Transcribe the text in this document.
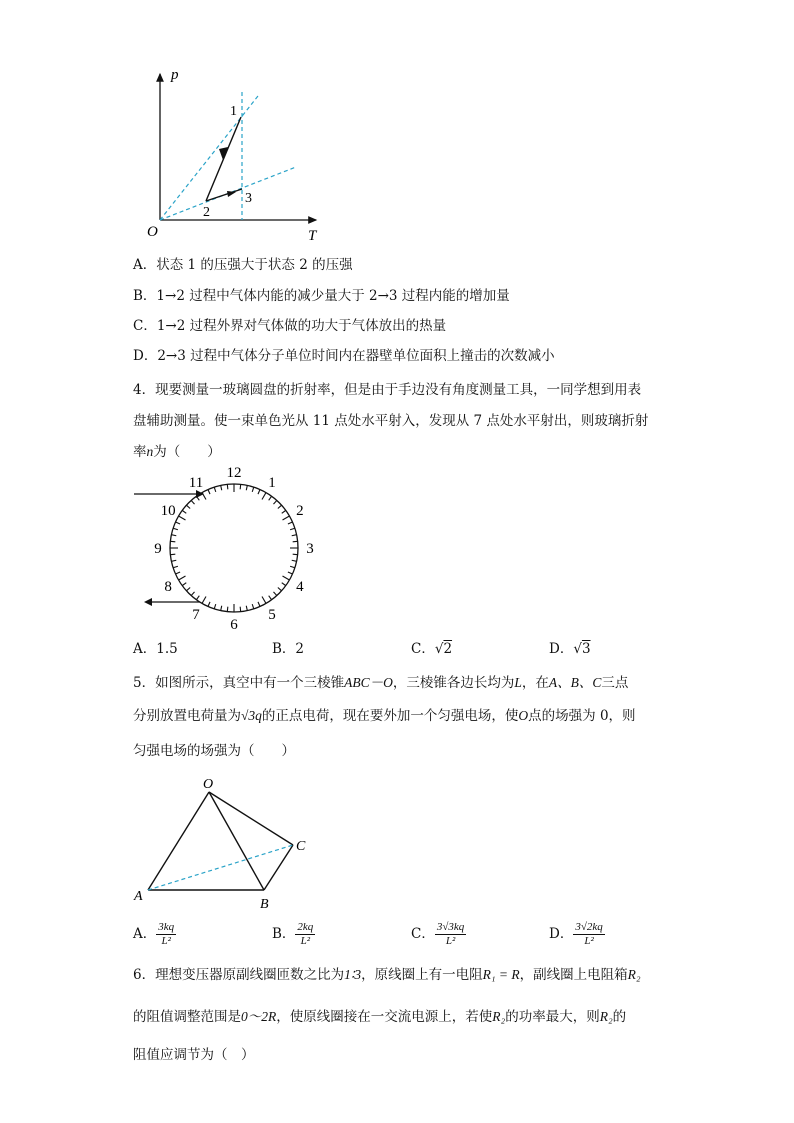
p
T
O
1
2
3
A．状态 1 的压强大于状态 2 的压强
B．1→2 过程中气体内能的减少量大于 2→3 过程内能的增加量
C．1→2 过程外界对气体做的功大于气体放出的热量
D．2→3 过程中气体分子单位时间内在器壁单位面积上撞击的次数减小
4．现要测量一玻璃圆盘的折射率，但是由于手边没有角度测量工具，一同学想到用表
盘辅助测量。使一束单色光从 11 点处水平射入，发现从 7 点处水平射出，则玻璃折射
率n为（　　）
12
1
2
3
4
5
6
7
8
9
10
11
A．1.5	B．2	C．√2	D．√3
5．如图所示，真空中有一个三棱锥ABC－O，三棱锥各边长均为L，在A、B、C三点
分别放置电荷量为√3q的正点电荷，现在要外加一个匀强电场，使O点的场强为 0，则
匀强电场的场强为（　　）
O
A
B
C
A． $\frac{3kq}{\text{L²}}$	B． $\frac{2kq}{\text{L²}}$	C． $\frac{3√3kq}{\text{L²}}$	D． $\frac{3√2kq}{\text{L²}}$
6．理想变压器原副线圈匝数之比为1∶3，原线圈上有一电阻R₁ = R，副线圈上电阻箱R₂
的阻值调整范围是0～2R，使原线圈接在一交流电源上，若使R₂的功率最大，则R₂的
阻值应调节为（　）
